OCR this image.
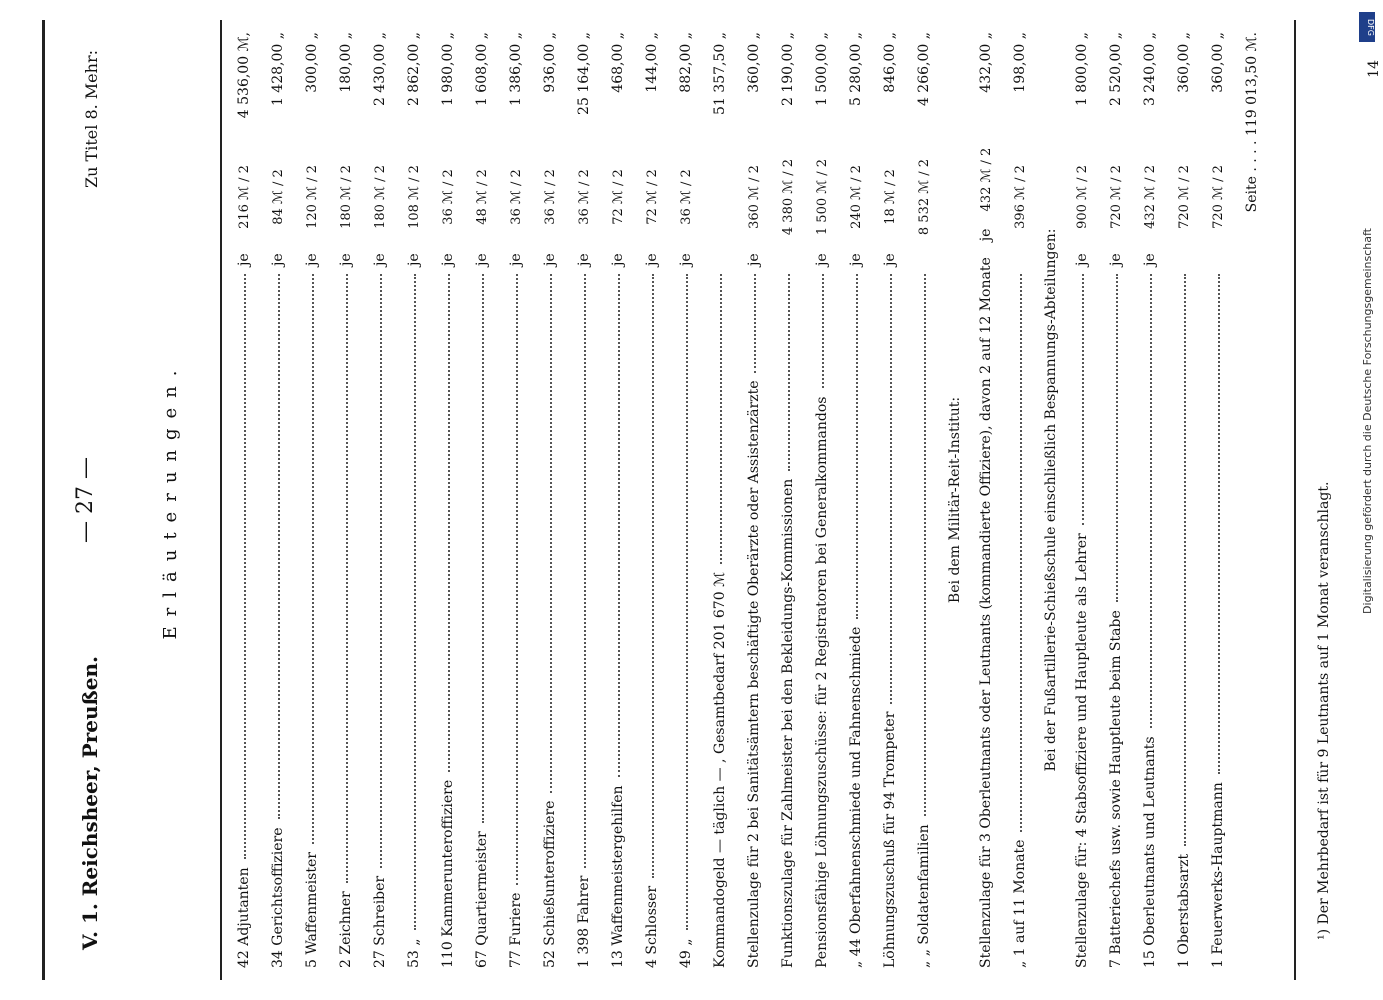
V. 1. Reichsheer, Preußen.
— 27 —
Zu Titel 8. Mehr:
Erläuterungen.
42 Adjutanten
je
216 ℳ / 2
4 536,00 ℳ,
34 Gerichtsoffiziere
je
84 ℳ / 2
1 428,00 „
5 Waffenmeister
je
120 ℳ / 2
300,00 „
2 Zeichner
je
180 ℳ / 2
180,00 „
27 Schreiber
je
180 ℳ / 2
2 430,00 „
53 „
je
108 ℳ / 2
2 862,00 „
110 Kammerunteroffiziere
je
36 ℳ / 2
1 980,00 „
67 Quartiermeister
je
48 ℳ / 2
1 608,00 „
77 Furiere
je
36 ℳ / 2
1 386,00 „
52 Schießunteroffiziere
je
36 ℳ / 2
936,00 „
1 398 Fahrer
je
36 ℳ / 2
25 164,00 „
13 Waffenmeistergehilfen
je
72 ℳ / 2
468,00 „
4 Schlosser
je
72 ℳ / 2
144,00 „
49 „
je
36 ℳ / 2
882,00 „
Kommandogeld — täglich — , Gesamtbedarf 201 670 ℳ
51 357,50 „
Stellenzulage für 2 bei Sanitätsämtern beschäftigte Oberärzte oder Assistenzärzte
je
360 ℳ / 2
360,00 „
Funktionszulage für Zahlmeister bei den Bekleidungs-Kommissionen
4 380 ℳ / 2
2 190,00 „
Pensionsfähige Löhnungszuschüsse: für 2 Registratoren bei Generalkommandos
je
1 500 ℳ / 2
1 500,00 „
„ 44 Oberfahnenschmiede und Fahnenschmiede
je
240 ℳ / 2
5 280,00 „
Löhnungszuschuß für 94 Trompeter
je
18 ℳ / 2
846,00 „
„ „ Soldatenfamilien
8 532 ℳ / 2
4 266,00 „
Bei dem Militär-Reit-Institut:	Stellenzulage für 3 Oberleutnants oder Leutnants (kommandierte Offiziere), davon 2 auf 12 Monate
je
432 ℳ / 2
432,00 „
„ 1 auf 11 Monate
396 ℳ / 2
198,00 „
Bei der Fußartillerie-Schießschule einschließlich Bespannungs-Abteilungen:	Stellenzulage für: 4 Stabsoffiziere und Hauptleute als Lehrer
je
900 ℳ / 2
1 800,00 „
7 Batteriechefs usw. sowie Hauptleute beim Stabe
je
720 ℳ / 2
2 520,00 „
15 Oberleutnants und Leutnants
je
432 ℳ / 2
3 240,00 „
1 Oberstabsarzt
720 ℳ / 2
360,00 „
1 Feuerwerks-Hauptmann
720 ℳ / 2
360,00 „ Seite . . . . 119 013,50 ℳ.
¹) Der Mehrbedarf ist für 9 Leutnants auf 1 Monat veranschlagt.
14
DFG
Digitalisierung gefördert durch die Deutsche Forschungsgemeinschaft
